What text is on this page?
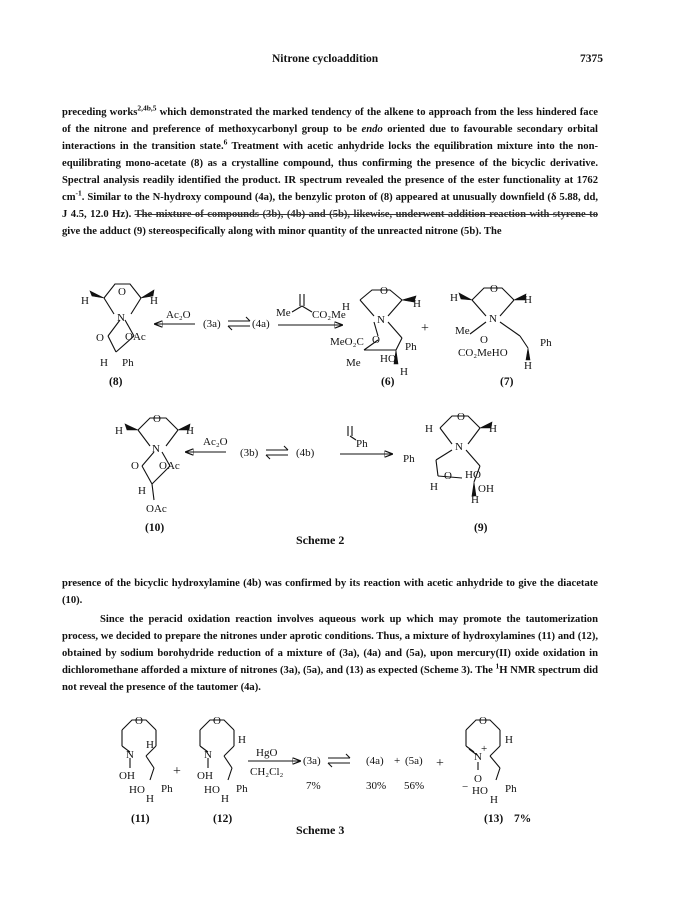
Nitrone cycloaddition	7375

preceding works$^{2,4b,5}$ which demonstrated the marked tendency of the alkene to approach from the less hindered face of the nitrone and preference of methoxycarbonyl group to be endo oriented due to favourable secondary orbital interactions in the transition state.$^6$ Treatment with acetic anhydride locks the equilibration mixture into the non-equilibrating mono-acetate (8) as a crystalline compound, thus confirming the presence of the bicyclic derivative. Spectral analysis readily identified the product. IR spectrum revealed the presence of the ester functionality at 1762 $cm^{-1}$. Similar to the N-hydroxy compound (4a), the benzylic proton of (8) appeared at unusually downfield (δ 5.88, dd, J 4.5, 12.0 Hz). The mixture of compounds (3b), (4b) and (5b), likewise, underwent addition reaction with styrene to give the adduct (9) stereospecifically along with minor quantity of the unreacted nitrone (5b). The

presence of the bicyclic hydroxylamine (4b) was confirmed by its reaction with acetic anhydride to give the diacetate (10).

Since the peracid oxidation reaction involves aqueous work up which may promote the tautomerization process, we decided to prepare the nitrones under aprotic conditions. Thus, a mixture of hydroxylamines (11) and (12), obtained by sodium borohydride reduction of a mixture of (3a), (4a) and (5a), upon mercury(II) oxide oxidation in dichloromethane afforded a mixture of nitrones (3a), (5a), and (13) as expected (Scheme 3). The $^1$H NMR spectrum did not reveal the presence of the tautomer (4a).

O
N
H	H
O OAc
H Ph
(8)
Ac₂O
(3a)	(4a)
Me CO₂Me
O
N
H	H
O
MeO₂C
Me HO
Ph
H
(6)
+
O
N
H	H
Me
O
CO₂MeHO
Ph
H
(7)
O
N
H	H
O OAc
H
OAc
(10)
Ac₂O
(3b)	(4b)
Ph
O
N
H	H
Ph
O
H
HO
H
OH
(9)
Scheme 2
O
N
H
OH
HO
H
Ph
(11)
+
O
N
H
OH
HO
H
Ph
(12)
HgO
CH₂Cl₂
(3a)
7%
(4a)
30%
+ (5a)
56%
+
O
N
+
H
O
− HO
H
Ph
(13) 7%
Scheme 3
